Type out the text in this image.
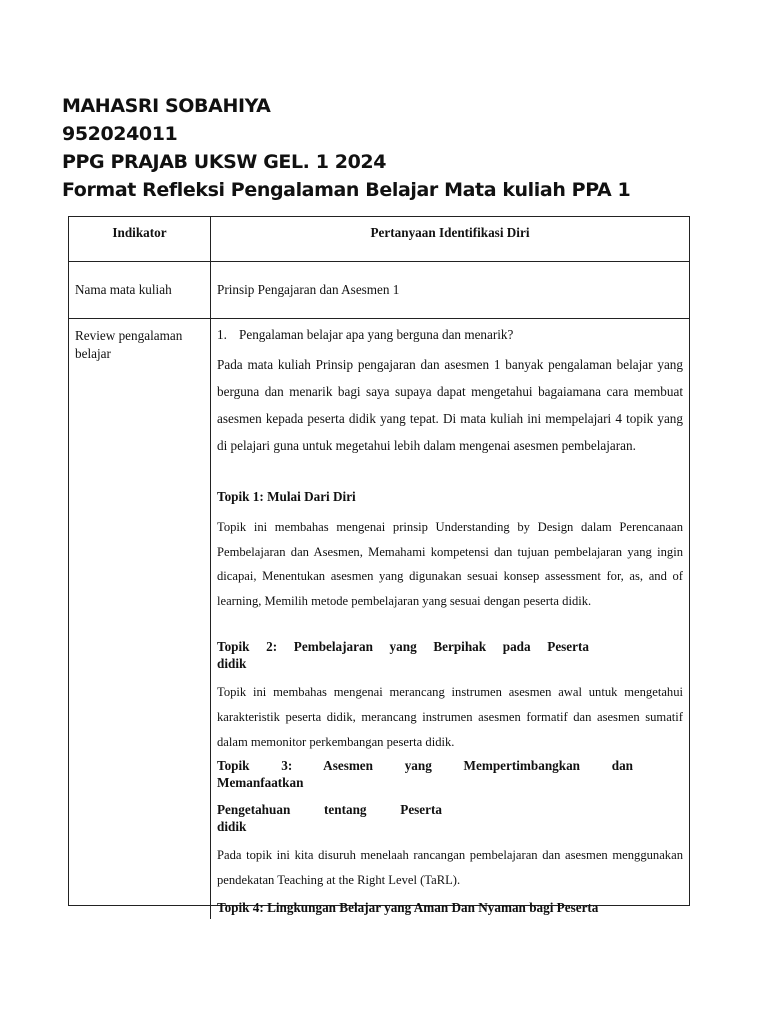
MAHASRI SOBAHIYA
952024011
PPG PRAJAB UKSW GEL. 1 2024
Format Refleksi Pengalaman Belajar Mata kuliah PPA 1
Indikator	Pertanyaan Identifikasi Diri
Nama mata kuliah	Prinsip Pengajaran dan Asesmen 1
Review pengalaman belajar
1. Pengalaman belajar apa yang berguna dan menarik?
Pada mata kuliah Prinsip pengajaran dan asesmen 1 banyak pengalaman belajar yang berguna dan menarik bagi saya supaya dapat mengetahui bagaiamana cara membuat asesmen kepada peserta didik yang tepat. Di mata kuliah ini mempelajari 4 topik yang di pelajari guna untuk megetahui lebih dalam mengenai asesmen pembelajaran.
Topik 1: Mulai Dari Diri
Topik ini membahas mengenai prinsip Understanding by Design dalam Perencanaan Pembelajaran dan Asesmen, Memahami kompetensi dan tujuan pembelajaran yang ingin dicapai, Menentukan asesmen yang digunakan sesuai konsep assessment for, as, and of learning, Memilih metode pembelajaran yang sesuai dengan peserta didik.
Topik 2: Pembelajaran yang Berpihak pada Peserta
didik
Topik ini membahas mengenai merancang instrumen asesmen awal untuk mengetahui karakteristik peserta didik, merancang instrumen asesmen formatif dan asesmen sumatif dalam memonitor perkembangan peserta didik.
Topik 3: Asesmen yang Mempertimbangkan dan
Memanfaatkan
Pengetahuan tentang Peserta
didik
Pada topik ini kita disuruh menelaah rancangan pembelajaran dan asesmen menggunakan pendekatan Teaching at the Right Level (TaRL).
Topik 4: Lingkungan Belajar yang Aman Dan Nyaman bagi Peserta
